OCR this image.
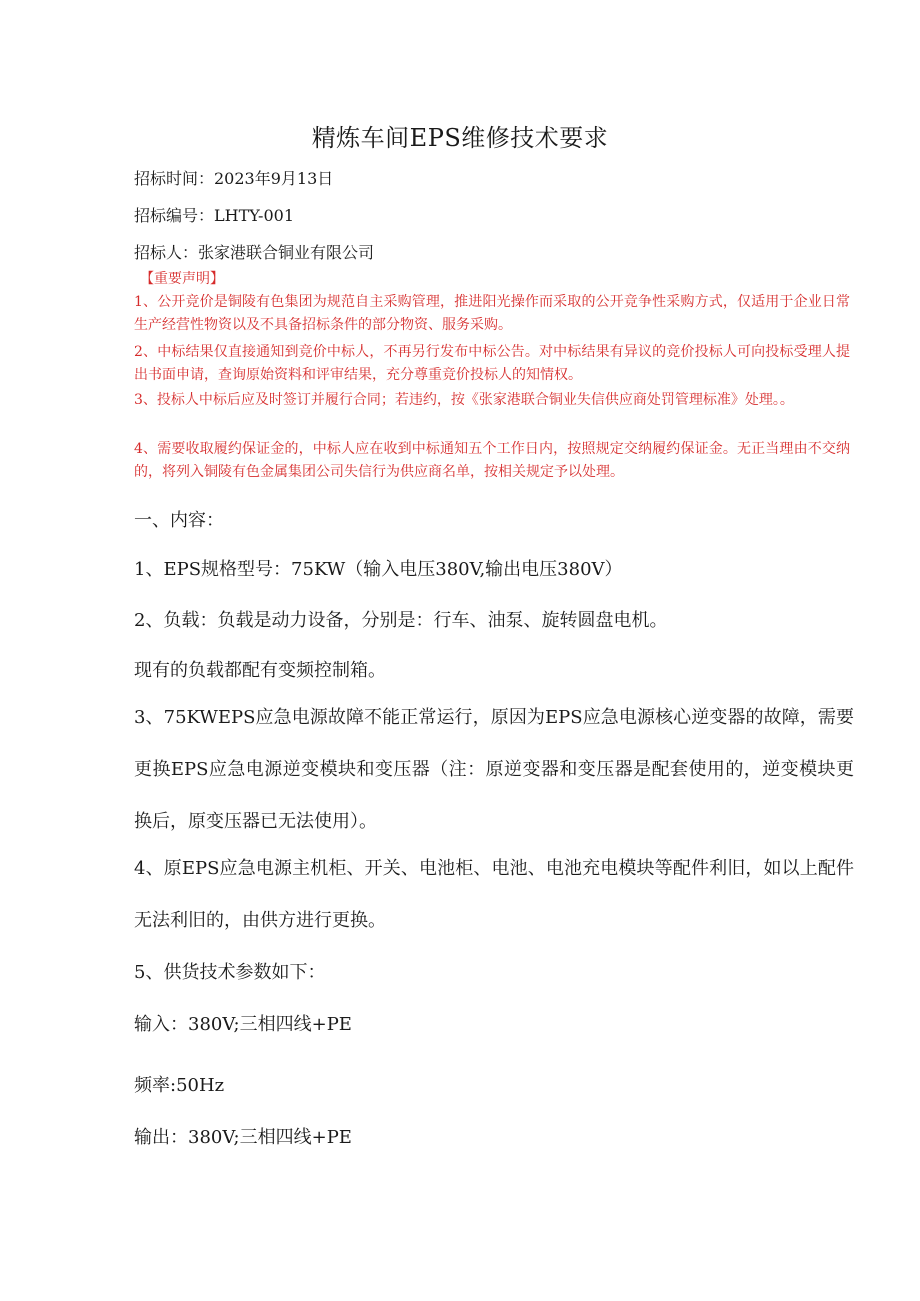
精炼车间EPS维修技术要求
招标时间：2023年9月13日
招标编号：LHTY-001
招标人：张家港联合铜业有限公司
【重要声明】
1、公开竞价是铜陵有色集团为规范自主采购管理，推进阳光操作而采取的公开竞争性采购方式，仅适用于企业日常生产经营性物资以及不具备招标条件的部分物资、服务采购。
2、中标结果仅直接通知到竞价中标人，不再另行发布中标公告。对中标结果有异议的竞价投标人可向投标受理人提出书面申请，查询原始资料和评审结果，充分尊重竞价投标人的知情权。
3、投标人中标后应及时签订并履行合同；若违约，按《张家港联合铜业失信供应商处罚管理标准》处理。。
4、需要收取履约保证金的，中标人应在收到中标通知五个工作日内，按照规定交纳履约保证金。无正当理由不交纳的，将列入铜陵有色金属集团公司失信行为供应商名单，按相关规定予以处理。
一、内容：
1、EPS规格型号：75KW（输入电压380V,输出电压380V）
2、负载：负载是动力设备，分别是：行车、油泵、旋转圆盘电机。
现有的负载都配有变频控制箱。
3、75KWEPS应急电源故障不能正常运行，原因为EPS应急电源核心逆变器的故障，需要更换EPS应急电源逆变模块和变压器（注：原逆变器和变压器是配套使用的，逆变模块更换后，原变压器已无法使用）。
4、原EPS应急电源主机柜、开关、电池柜、电池、电池充电模块等配件利旧，如以上配件无法利旧的，由供方进行更换。
5、供货技术参数如下：
输入：380V;三相四线+PE
频率:50Hz
输出：380V;三相四线+PE
